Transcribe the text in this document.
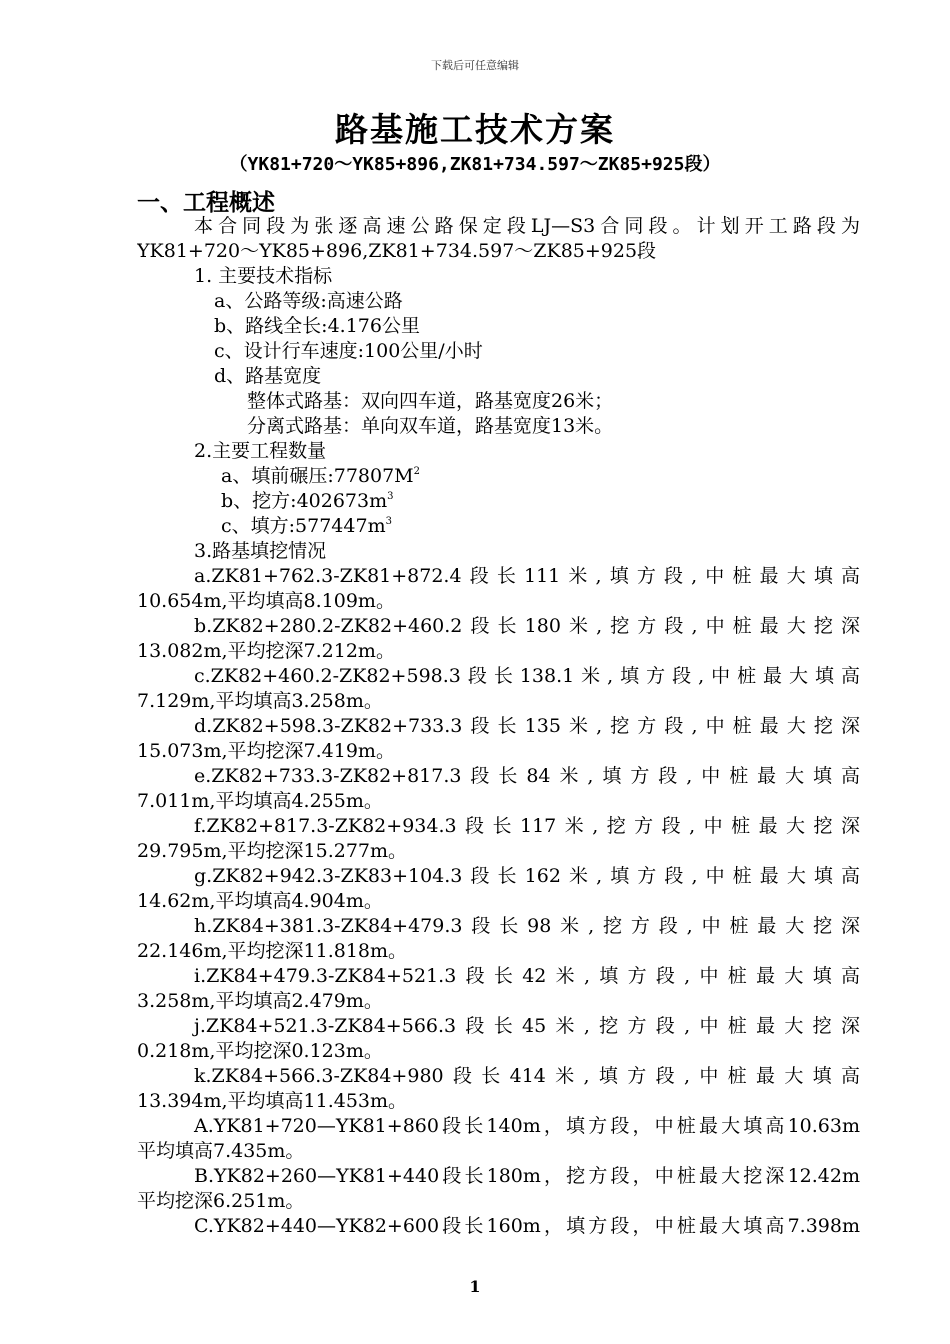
下载后可任意编辑
路基施工技术方案
（YK81+720～YK85+896,ZK81+734.597～ZK85+925段）
一、工程概述
本合同段为张逐高速公路保定段LJ—S3合同段。计划开工路段为
YK81+720～YK85+896,ZK81+734.597～ZK85+925段
1. 主要技术指标
a、公路等级:高速公路
b、路线全长:4.176公里
c、设计行车速度:100公里/小时
d、路基宽度
整体式路基：双向四车道，路基宽度26米；
分离式路基：单向双车道，路基宽度13米。
2.主要工程数量
a、填前碾压$:77807M^2$
b、挖方$:402673m^3$
c、填方$:577447m^3$
3.路基填挖情况
a.ZK81+762.3-ZK81+872.4段长111米,填方段,中桩最大填高
10.654m,平均填高8.109m。
b.ZK82+280.2-ZK82+460.2段长180米,挖方段,中桩最大挖深
13.082m,平均挖深7.212m。
c.ZK82+460.2-ZK82+598.3段长138.1米,填方段,中桩最大填高
7.129m,平均填高3.258m。
d.ZK82+598.3-ZK82+733.3段长135米,挖方段,中桩最大挖深
15.073m,平均挖深7.419m。
e.ZK82+733.3-ZK82+817.3段长84米,填方段,中桩最大填高
7.011m,平均填高4.255m。
f.ZK82+817.3-ZK82+934.3段长117米,挖方段,中桩最大挖深
29.795m,平均挖深15.277m。
g.ZK82+942.3-ZK83+104.3段长162米,填方段,中桩最大填高
14.62m,平均填高4.904m。
h.ZK84+381.3-ZK84+479.3段长98米,挖方段,中桩最大挖深
22.146m,平均挖深11.818m。
i.ZK84+479.3-ZK84+521.3段长42米,填方段,中桩最大填高
3.258m,平均填高2.479m。
j.ZK84+521.3-ZK84+566.3段长45米,挖方段,中桩最大挖深
0.218m,平均挖深0.123m。
k.ZK84+566.3-ZK84+980段长414米,填方段,中桩最大填高
13.394m,平均填高11.453m。
A.YK81+720—YK81+860段长140m，填方段，中桩最大填高10.63m
平均填高7.435m。
B.YK82+260—YK81+440段长180m，挖方段，中桩最大挖深12.42m
平均挖深6.251m。
C.YK82+440—YK82+600段长160m，填方段，中桩最大填高7.398m
1
